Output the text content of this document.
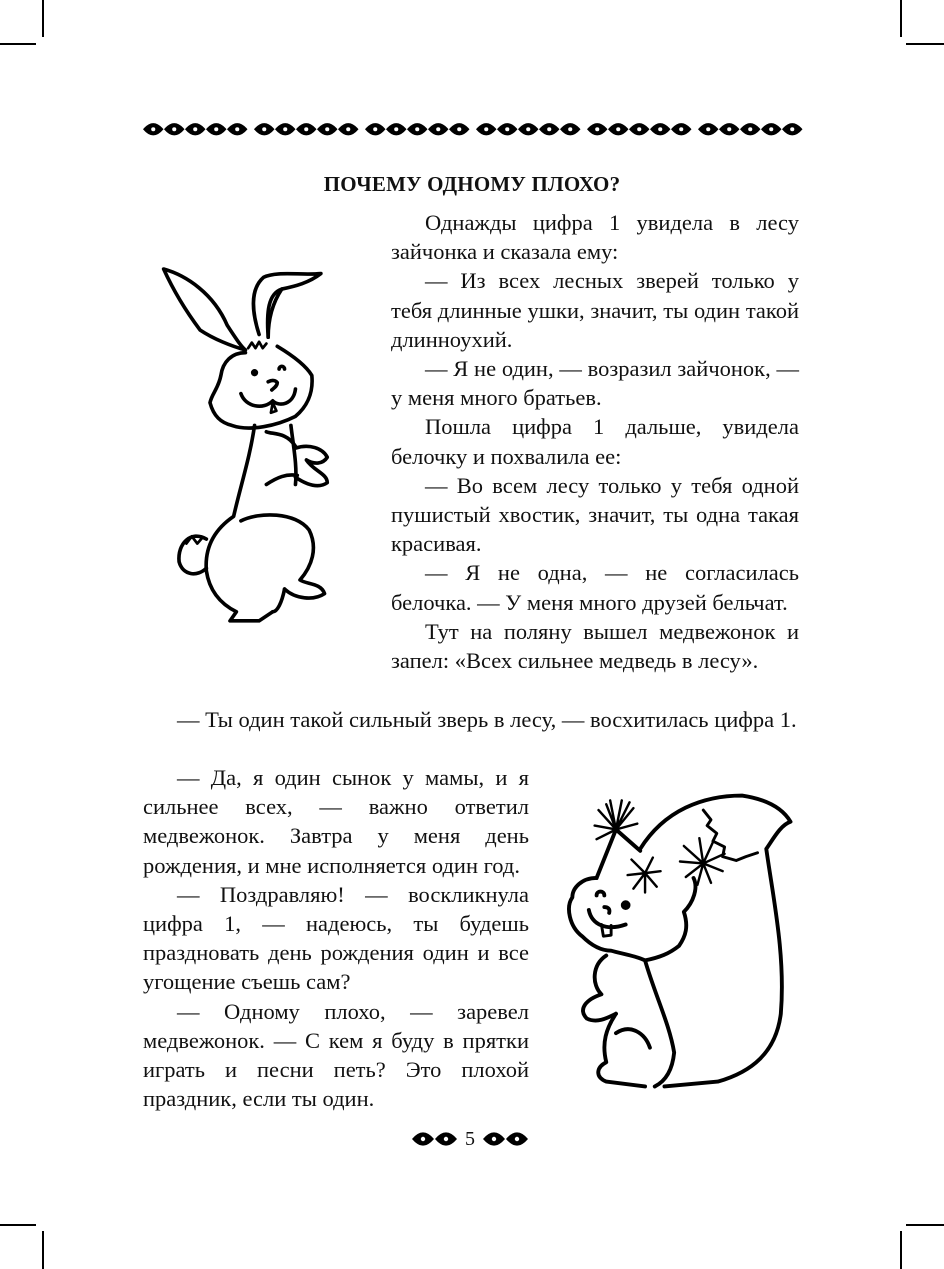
ПОЧЕМУ ОДНОМУ ПЛОХО?

Однажды цифра 1 увидела в лесу зайчонка и сказала ему:

— Из всех лесных зверей только у тебя длинные ушки, значит, ты один такой длинноухий.

— Я не один, — возразил зайчонок, — у меня много братьев.

Пошла цифра 1 дальше, увидела белочку и похвалила ее:

— Во всем лесу только у тебя одной пушистый хвостик, значит, ты одна такая красивая.

— Я не одна, — не согласилась белочка. — У меня много друзей бельчат.

Тут на поляну вышел медвежонок и запел: «Всех сильнее медведь в лесу».

— Ты один такой сильный зверь в лесу, — восхитилась цифра 1.

— Да, я один сынок у мамы, и я сильнее всех, — важно ответил медвежонок. Завтра у меня день рождения, и мне исполняется один год.

— Поздравляю! — воскликнула цифра 1, — надеюсь, ты будешь праздновать день рождения один и все угощение съешь сам?

— Одному плохо, — заревел медвежонок. — С кем я буду в прятки играть и песни петь? Это плохой праздник, если ты один.

5
